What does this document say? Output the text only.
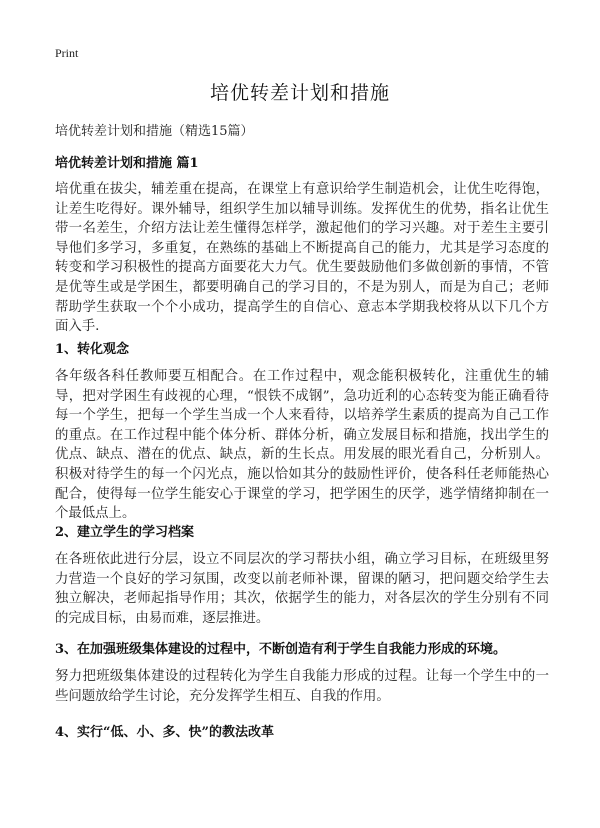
Print
培优转差计划和措施
培优转差计划和措施（精选15篇）
培优转差计划和措施 篇1

培优重在拔尖，辅差重在提高，在课堂上有意识给学生制造机会，让优生吃得饱，让差生吃得好。课外辅导，组织学生加以辅导训练。发挥优生的优势，指名让优生带一名差生，介绍方法让差生懂得怎样学，激起他们的学习兴趣。对于差生主要引导他们多学习，多重复，在熟练的基础上不断提高自己的能力，尤其是学习态度的转变和学习积极性的提高方面要花大力气。优生要鼓励他们多做创新的事情，不管是优等生或是学困生，都要明确自己的学习目的，不是为别人，而是为自己；老师帮助学生获取一个个小成功，提高学生的自信心、意志本学期我校将从以下几个方面入手.

1、转化观念

各年级各科任教师要互相配合。在工作过程中，观念能积极转化，注重优生的辅导，把对学困生有歧视的心理，“恨铁不成钢”，急功近利的心态转变为能正确看待每一个学生，把每一个学生当成一个人来看待，以培养学生素质的提高为自己工作的重点。在工作过程中能个体分析、群体分析，确立发展目标和措施，找出学生的优点、缺点、潜在的优点、缺点，新的生长点。用发展的眼光看自己，分析别人。积极对待学生的每一个闪光点，施以恰如其分的鼓励性评价，使各科任老师能热心配合，使得每一位学生能安心于课堂的学习，把学困生的厌学，逃学情绪抑制在一个最低点上。

2、建立学生的学习档案

在各班依此进行分层，设立不同层次的学习帮扶小组，确立学习目标，在班级里努力营造一个良好的学习氛围，改变以前老师补课，留课的陋习，把问题交给学生去独立解决，老师起指导作用；其次，依据学生的能力，对各层次的学生分别有不同的完成目标，由易而难，逐层推进。

3、在加强班级集体建设的过程中，不断创造有利于学生自我能力形成的环境。

努力把班级集体建设的过程转化为学生自我能力形成的过程。让每一个学生中的一些问题放给学生讨论，充分发挥学生相互、自我的作用。

4、实行“低、小、多、快”的教法改革
